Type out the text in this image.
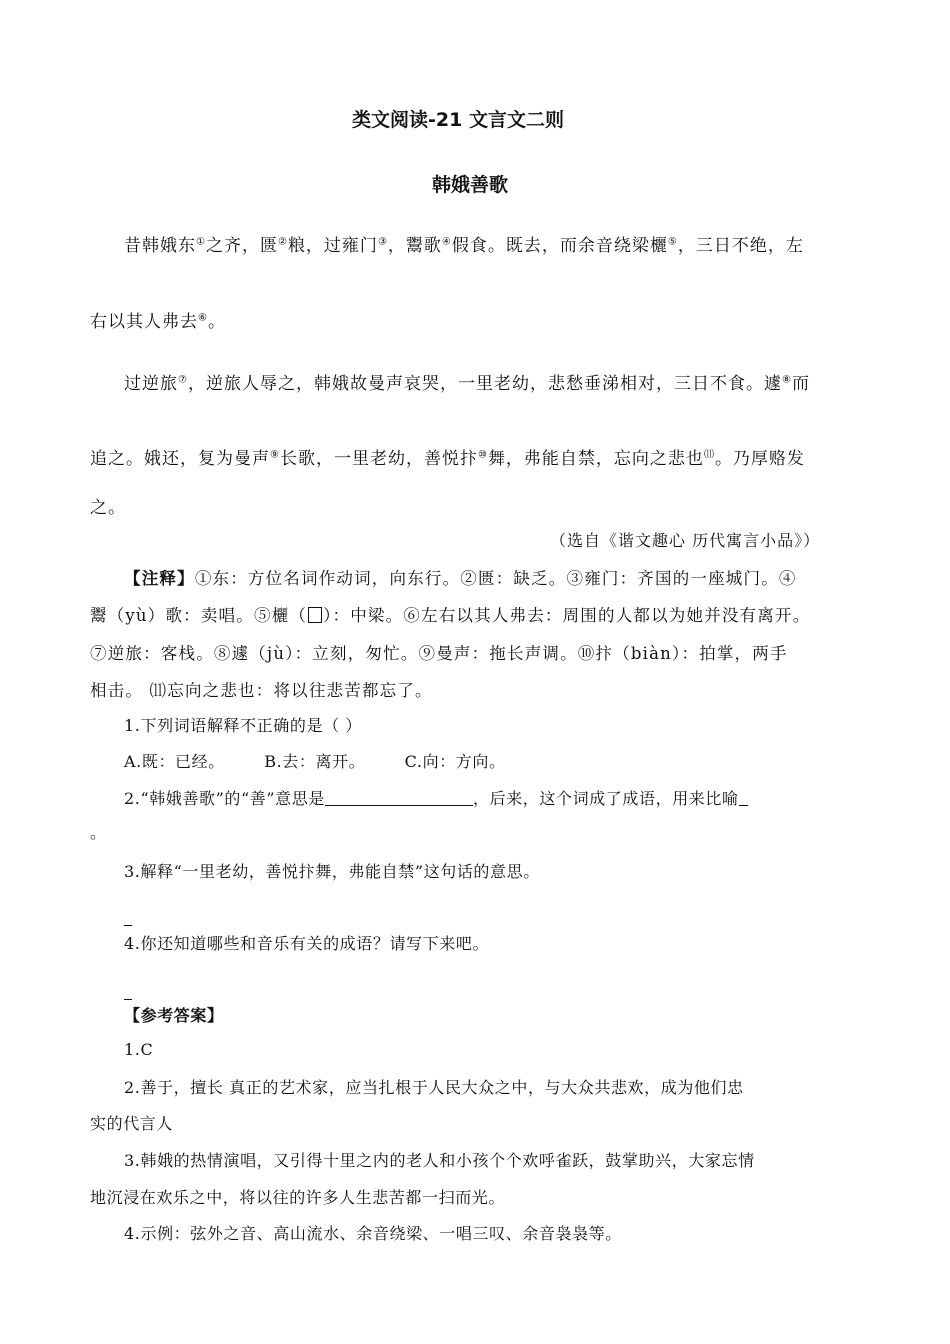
类文阅读-21 文言文二则
韩娥善歌
昔韩娥东①之齐，匮②粮，过雍门③，鬻歌④假食。既去，而余音绕梁欐⑤，三日不绝，左
右以其人弗去⑥。
过逆旅⑦，逆旅人辱之，韩娥故曼声哀哭，一里老幼，悲愁垂涕相对，三日不食。遽⑧而
追之。娥还，复为曼声⑨长歌，一里老幼，善悦抃⑩舞，弗能自禁，忘向之悲也⑾。乃厚赂发
之。
（选自《谐文趣心 历代寓言小品》）
【注释】①东：方位名词作动词，向东行。②匮：缺乏。③雍门：齐国的一座城门。④
鬻（yù）歌：卖唱。⑤欐（ ）：中梁。⑥左右以其人弗去：周围的人都以为她并没有离开。
⑦逆旅：客栈。⑧遽（jù）：立刻，匆忙。⑨曼声：拖长声调。⑩抃（biàn）：拍掌，两手
相击。 ⑾忘向之悲也：将以往悲苦都忘了。
1.下列词语解释不正确的是（ ）
A.既：已经。 B.去：离开。 C.向：方向。
2.“韩娥善歌”的“善”意思是	，后来，这个词成了成语，用来比喻
。
3.解释“一里老幼，善悦抃舞，弗能自禁”这句话的意思。
4.你还知道哪些和音乐有关的成语？请写下来吧。
【参考答案】
1.C
2.善于，擅长 真正的艺术家，应当扎根于人民大众之中，与大众共悲欢，成为他们忠
实的代言人
3.韩娥的热情演唱，又引得十里之内的老人和小孩个个欢呼雀跃，鼓掌助兴，大家忘情
地沉浸在欢乐之中，将以往的许多人生悲苦都一扫而光。
4.示例：弦外之音、高山流水、余音绕梁、一唱三叹、余音袅袅等。
